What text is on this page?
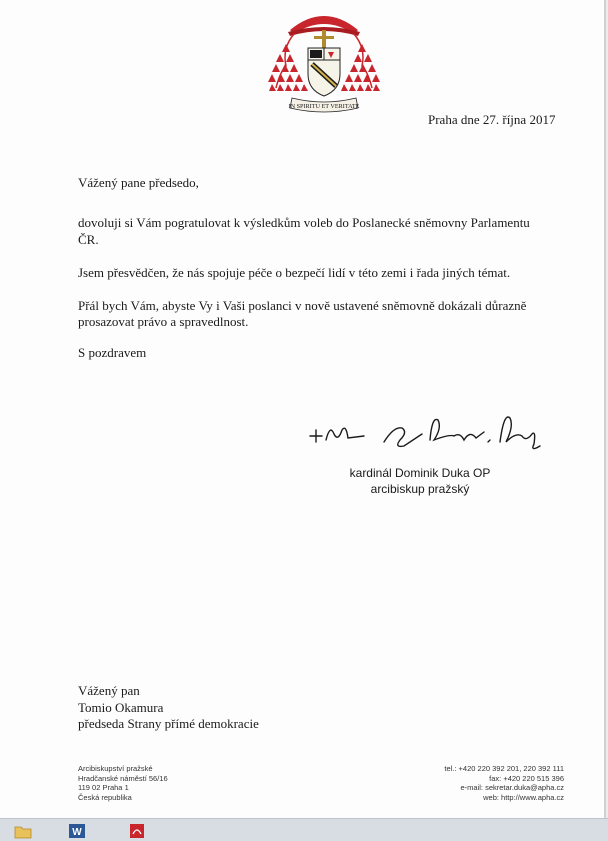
IN SPIRITU ET VERITATE
Praha dne 27. října 2017
Vážený pane předsedo,
dovoluji si Vám pogratulovat k výsledkům voleb do Poslanecké sněmovny Parlamentu
ČR.
Jsem přesvědčen, že nás spojuje péče o bezpečí lidí v této zemi i řada jiných témat.
Přál bych Vám, abyste Vy i Vaši poslanci v nově ustavené sněmovně dokázali důrazně
prosazovat právo a spravedlnost.
S pozdravem
kardinál Dominik Duka OP
arcibiskup pražský
Vážený pan
Tomio Okamura
předseda Strany přímé demokracie
Arcibiskupství pražské
Hradčanské náměstí 56/16
119 02 Praha 1
Česká republika
tel.: +420 220 392 201, 220 392 111
fax: +420 220 515 396
e-mail: sekretar.duka@apha.cz
web: http://www.apha.cz
W
